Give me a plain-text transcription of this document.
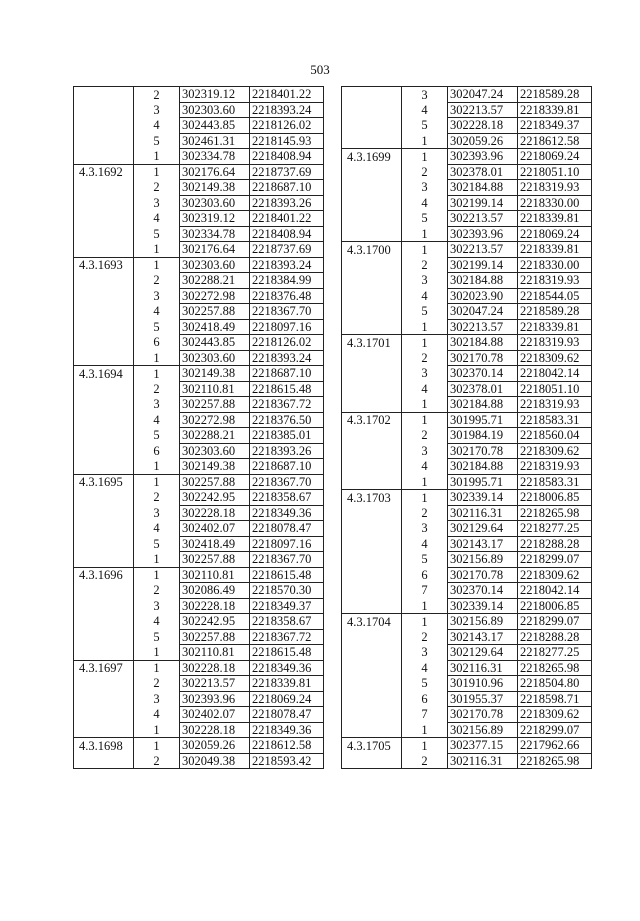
503
	2	302319.12	2218401.22
	3	302303.60	2218393.24
	4	302443.85	2218126.02
	5	302461.31	2218145.93
	1	302334.78	2218408.94
4.3.1692	1	302176.64	2218737.69
	2	302149.38	2218687.10
	3	302303.60	2218393.26
	4	302319.12	2218401.22
	5	302334.78	2218408.94
	1	302176.64	2218737.69
4.3.1693	1	302303.60	2218393.24
	2	302288.21	2218384.99
	3	302272.98	2218376.48
	4	302257.88	2218367.70
	5	302418.49	2218097.16
	6	302443.85	2218126.02
	1	302303.60	2218393.24
4.3.1694	1	302149.38	2218687.10
	2	302110.81	2218615.48
	3	302257.88	2218367.72
	4	302272.98	2218376.50
	5	302288.21	2218385.01
	6	302303.60	2218393.26
	1	302149.38	2218687.10
4.3.1695	1	302257.88	2218367.70
	2	302242.95	2218358.67
	3	302228.18	2218349.36
	4	302402.07	2218078.47
	5	302418.49	2218097.16
	1	302257.88	2218367.70
4.3.1696	1	302110.81	2218615.48
	2	302086.49	2218570.30
	3	302228.18	2218349.37
	4	302242.95	2218358.67
	5	302257.88	2218367.72
	1	302110.81	2218615.48
4.3.1697	1	302228.18	2218349.36
	2	302213.57	2218339.81
	3	302393.96	2218069.24
	4	302402.07	2218078.47
	1	302228.18	2218349.36
4.3.1698	1	302059.26	2218612.58
	2	302049.38	2218593.42
	3	302047.24	2218589.28
	4	302213.57	2218339.81
	5	302228.18	2218349.37
	1	302059.26	2218612.58
4.3.1699	1	302393.96	2218069.24
	2	302378.01	2218051.10
	3	302184.88	2218319.93
	4	302199.14	2218330.00
	5	302213.57	2218339.81
	1	302393.96	2218069.24
4.3.1700	1	302213.57	2218339.81
	2	302199.14	2218330.00
	3	302184.88	2218319.93
	4	302023.90	2218544.05
	5	302047.24	2218589.28
	1	302213.57	2218339.81
4.3.1701	1	302184.88	2218319.93
	2	302170.78	2218309.62
	3	302370.14	2218042.14
	4	302378.01	2218051.10
	1	302184.88	2218319.93
4.3.1702	1	301995.71	2218583.31
	2	301984.19	2218560.04
	3	302170.78	2218309.62
	4	302184.88	2218319.93
	1	301995.71	2218583.31
4.3.1703	1	302339.14	2218006.85
	2	302116.31	2218265.98
	3	302129.64	2218277.25
	4	302143.17	2218288.28
	5	302156.89	2218299.07
	6	302170.78	2218309.62
	7	302370.14	2218042.14
	1	302339.14	2218006.85
4.3.1704	1	302156.89	2218299.07
	2	302143.17	2218288.28
	3	302129.64	2218277.25
	4	302116.31	2218265.98
	5	301910.96	2218504.80
	6	301955.37	2218598.71
	7	302170.78	2218309.62
	1	302156.89	2218299.07
4.3.1705	1	302377.15	2217962.66
	2	302116.31	2218265.98
